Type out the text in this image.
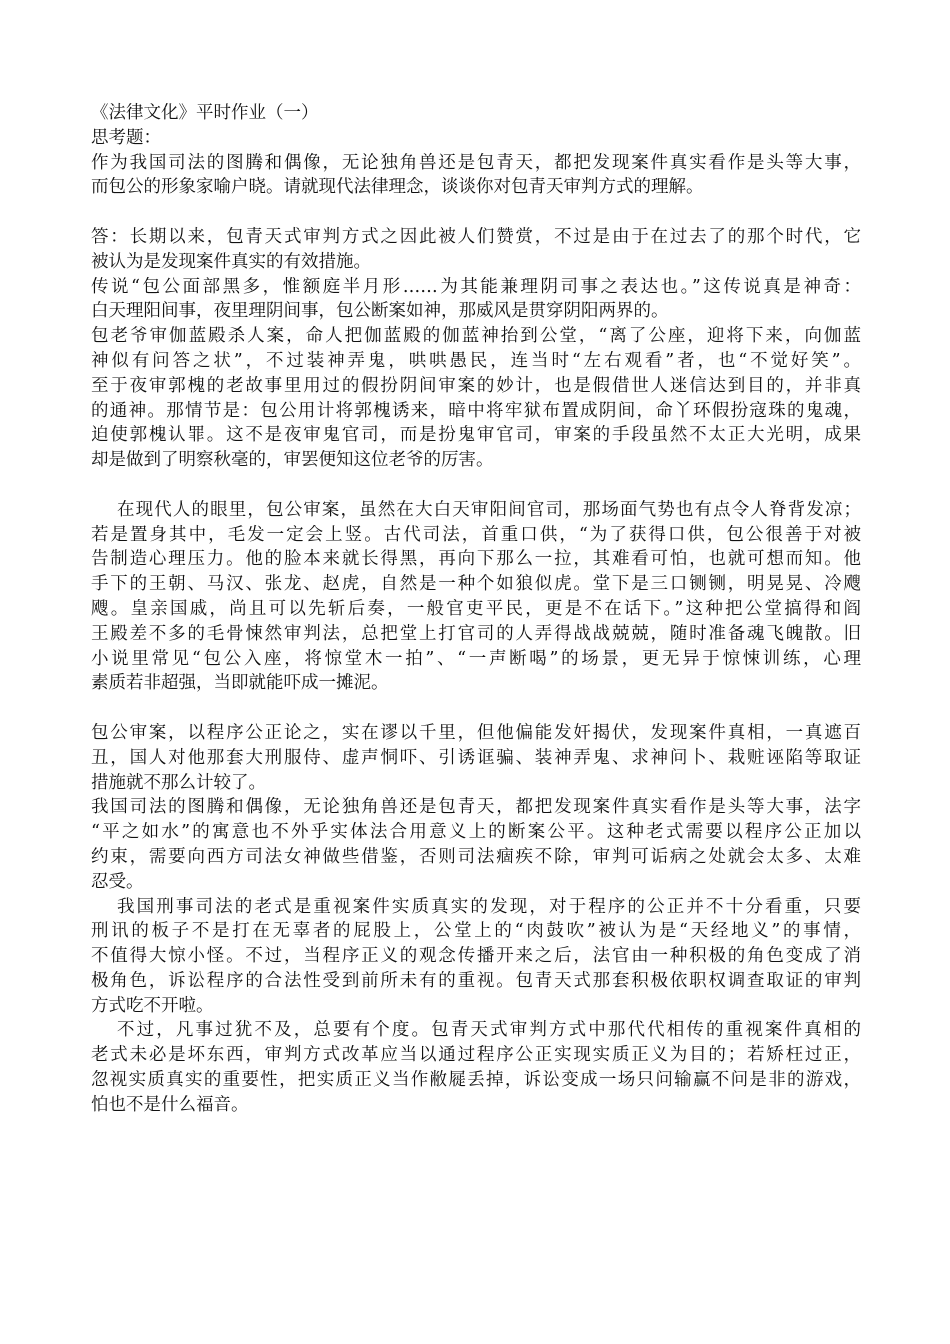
《法律文化》平时作业（一）
思考题：
作为我国司法的图腾和偶像，无论独角兽还是包青天，都把发现案件真实看作是头等大事，
而包公的形象家喻户晓。请就现代法律理念，谈谈你对包青天审判方式的理解。
答：长期以来，包青天式审判方式之因此被人们赞赏，不过是由于在过去了的那个时代，它
被认为是发现案件真实的有效措施。
传说“包公面部黑多，惟额庭半月形……为其能兼理阴司事之表达也。”这传说真是神奇：
白天理阳间事，夜里理阴间事，包公断案如神，那威风是贯穿阴阳两界的。
包老爷审伽蓝殿杀人案，命人把伽蓝殿的伽蓝神抬到公堂，“离了公座，迎将下来，向伽蓝
神似有问答之状”，不过装神弄鬼，哄哄愚民，连当时“左右观看”者，也“不觉好笑”。
至于夜审郭槐的老故事里用过的假扮阴间审案的妙计，也是假借世人迷信达到目的，并非真
的通神。那情节是：包公用计将郭槐诱来，暗中将牢狱布置成阴间，命丫环假扮寇珠的鬼魂，
迫使郭槐认罪。这不是夜审鬼官司，而是扮鬼审官司，审案的手段虽然不太正大光明，成果
却是做到了明察秋毫的，审罢便知这位老爷的厉害。
在现代人的眼里，包公审案，虽然在大白天审阳间官司，那场面气势也有点令人脊背发凉；
若是置身其中，毛发一定会上竖。古代司法，首重口供，“为了获得口供，包公很善于对被
告制造心理压力。他的脸本来就长得黑，再向下那么一拉，其难看可怕，也就可想而知。他
手下的王朝、马汉、张龙、赵虎，自然是一种个如狼似虎。堂下是三口铡铡，明晃晃、冷飕
飕。皇亲国戚，尚且可以先斩后奏，一般官吏平民，更是不在话下。”这种把公堂搞得和阎
王殿差不多的毛骨悚然审判法，总把堂上打官司的人弄得战战兢兢，随时准备魂飞魄散。旧
小说里常见“包公入座，将惊堂木一拍”、“一声断喝”的场景，更无异于惊悚训练，心理
素质若非超强，当即就能吓成一摊泥。
包公审案，以程序公正论之，实在谬以千里，但他偏能发奸揭伏，发现案件真相，一真遮百
丑，国人对他那套大刑服侍、虚声恫吓、引诱诓骗、装神弄鬼、求神问卜、栽赃诬陷等取证
措施就不那么计较了。
我国司法的图腾和偶像，无论独角兽还是包青天，都把发现案件真实看作是头等大事，法字
“平之如水”的寓意也不外乎实体法合用意义上的断案公平。这种老式需要以程序公正加以
约束，需要向西方司法女神做些借鉴，否则司法痼疾不除，审判可诟病之处就会太多、太难
忍受。
我国刑事司法的老式是重视案件实质真实的发现，对于程序的公正并不十分看重，只要
刑讯的板子不是打在无辜者的屁股上，公堂上的“肉鼓吹”被认为是“天经地义”的事情，
不值得大惊小怪。不过，当程序正义的观念传播开来之后，法官由一种积极的角色变成了消
极角色，诉讼程序的合法性受到前所未有的重视。包青天式那套积极依职权调查取证的审判
方式吃不开啦。
不过，凡事过犹不及，总要有个度。包青天式审判方式中那代代相传的重视案件真相的
老式未必是坏东西，审判方式改革应当以通过程序公正实现实质正义为目的；若矫枉过正，
忽视实质真实的重要性，把实质正义当作敝屣丢掉，诉讼变成一场只问输赢不问是非的游戏，
怕也不是什么福音。
